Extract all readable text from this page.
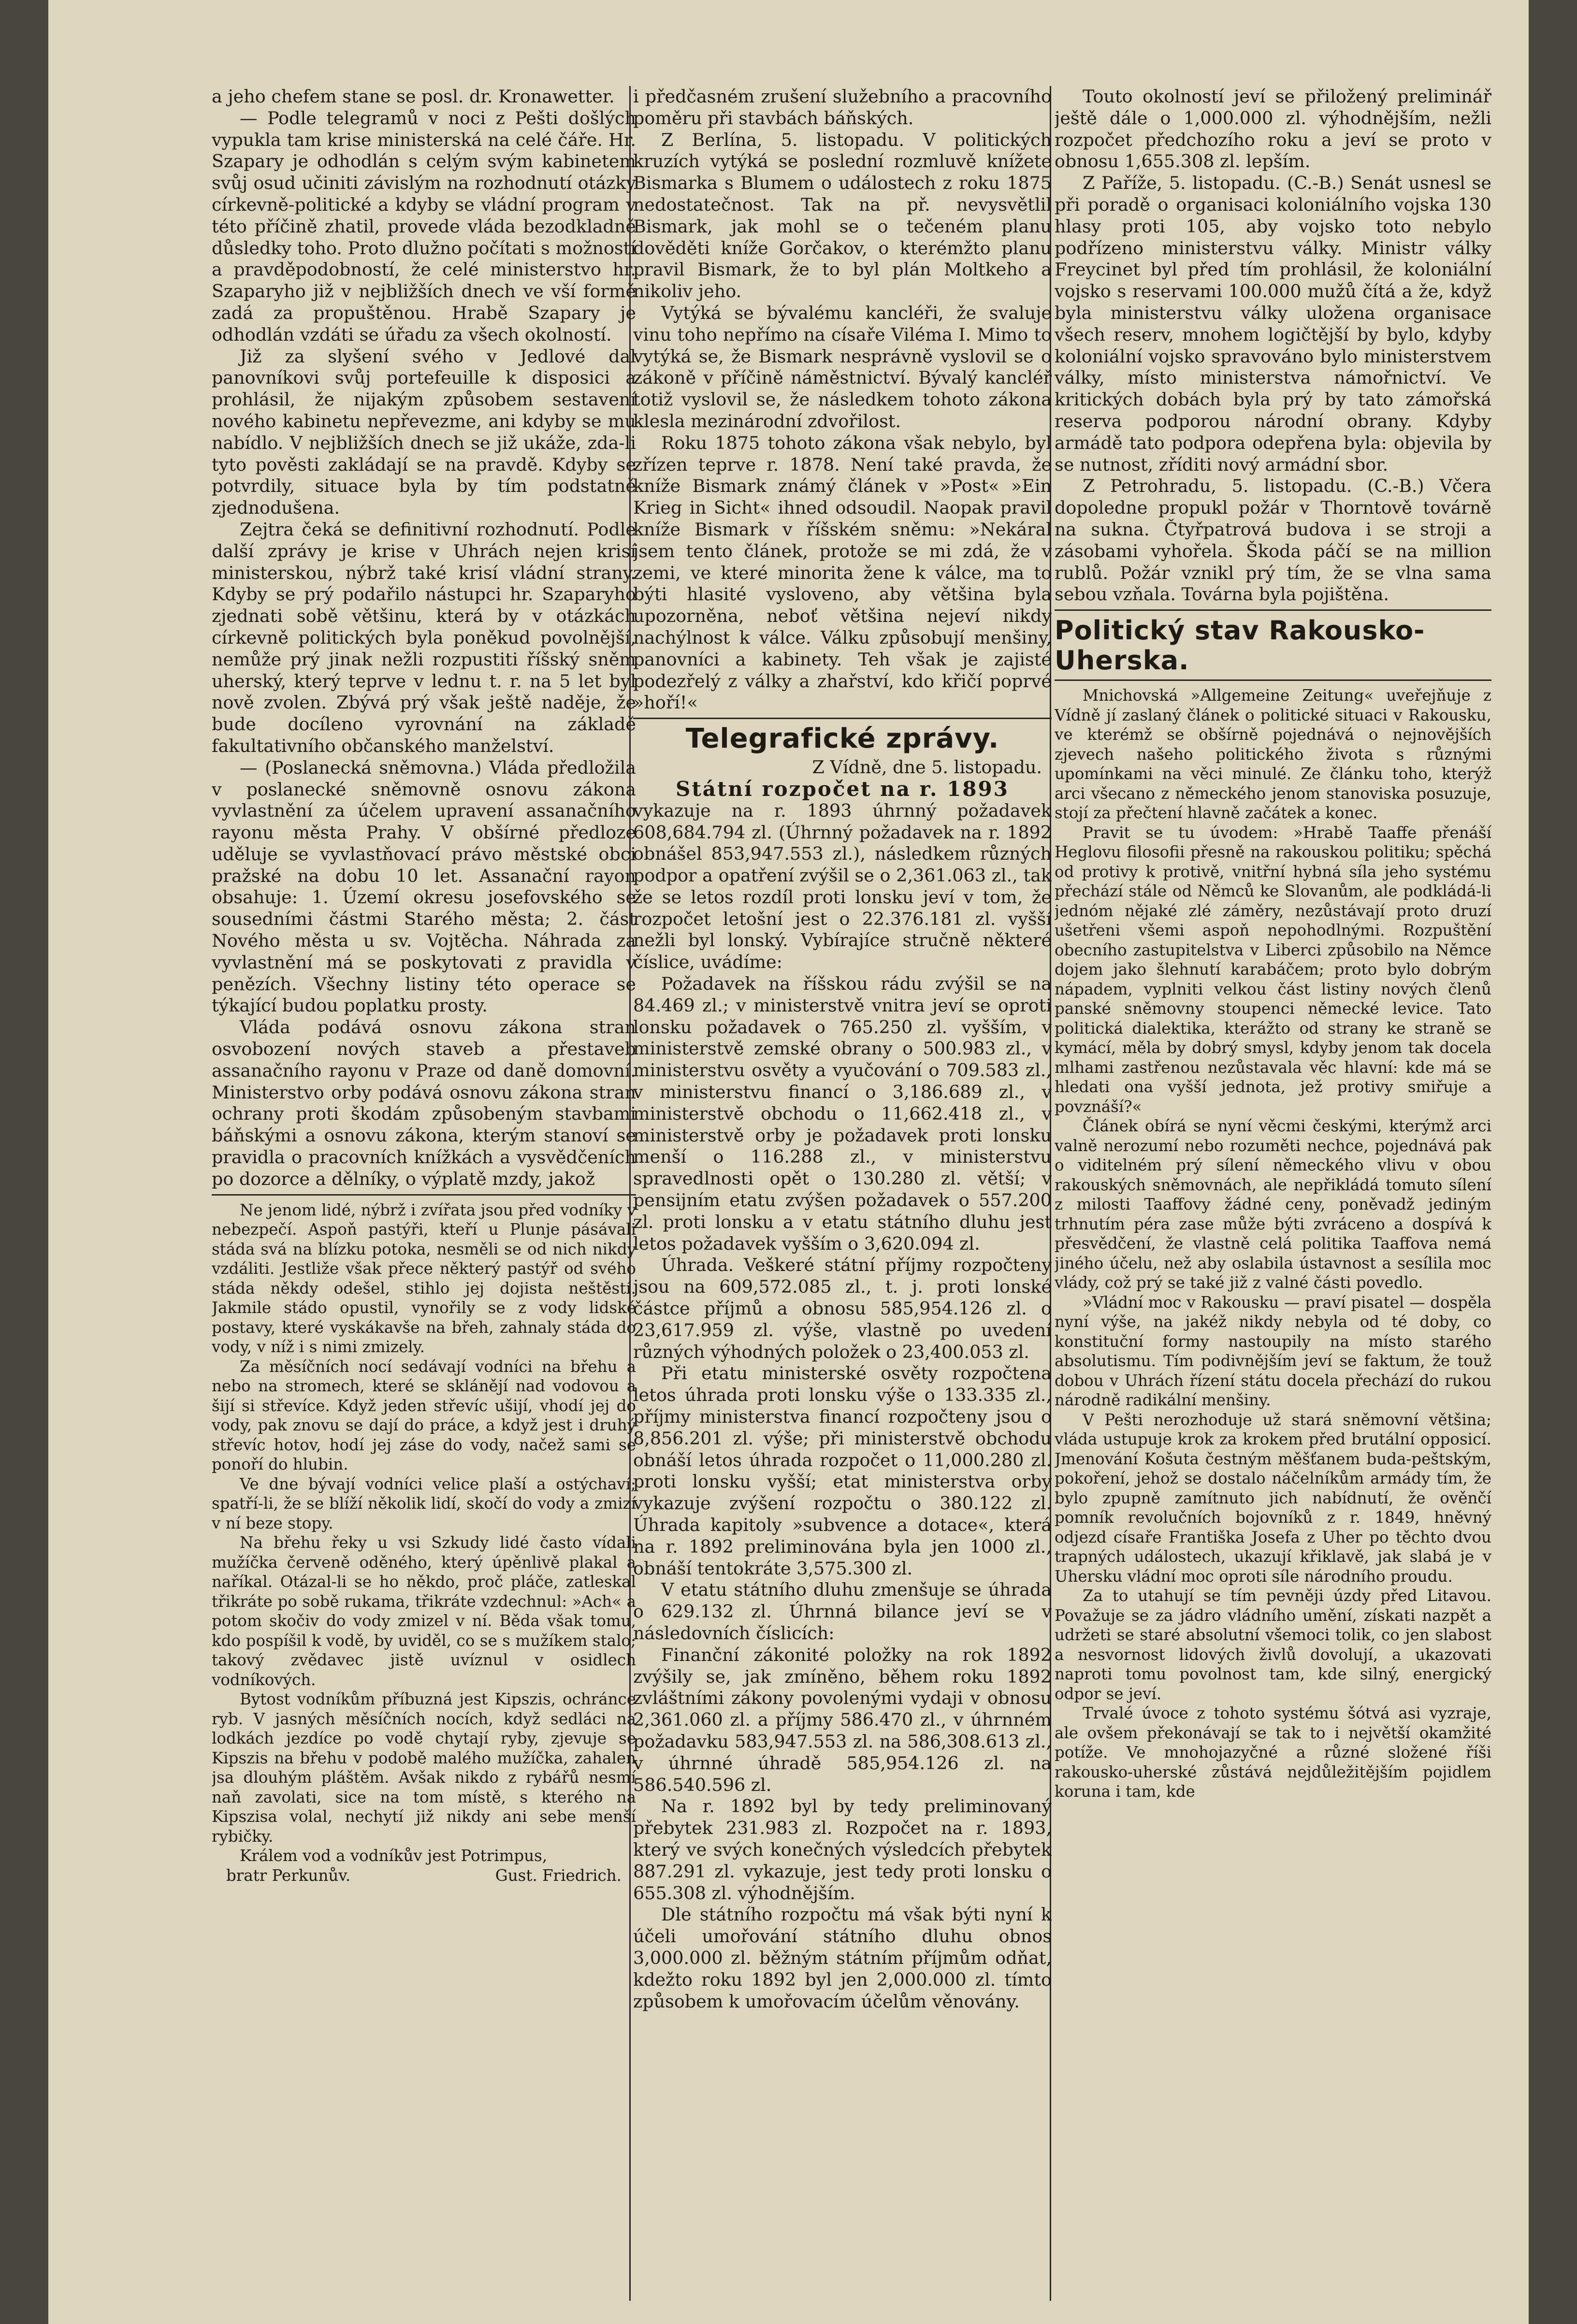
a jeho chefem stane se posl. dr. Kronawetter.

— Podle telegramů v noci z Pešti došlých vypukla tam krise ministerská na celé čáře. Hr. Szapary je odhodlán s celým svým kabinetem svůj osud učiniti závislým na rozhodnutí otázky církevně-politické a kdyby se vládní program v této příčině zhatil, provede vláda bezodkladně důsledky toho. Proto dlužno počítati s možností a pravděpodobností, že celé ministerstvo hr. Szaparyho již v nejbližších dnech ve vší formě zadá za propuštěnou. Hrabě Szapary je odhodlán vzdáti se úřadu za všech okolností.

Již za slyšení svého v Jedlové dal panovníkovi svůj portefeuille k disposici a prohlásil, že nijakým způsobem sestavení nového kabinetu nepřevezme, ani kdyby se mu nabídlo. V nejbližších dnech se již ukáže, zda-li tyto pověsti zakládají se na pravdě. Kdyby se potvrdily, situace byla by tím podstatně zjednodušena.

Zejtra čeká se definitivní rozhodnutí. Podle další zprávy je krise v Uhrách nejen krisí ministerskou, nýbrž také krisí vládní strany. Kdyby se prý podařilo nástupci hr. Szaparyho zjednati sobě většinu, která by v otázkách církevně politických byla poněkud povolnější, nemůže prý jinak nežli rozpustiti říšský sněm uherský, který teprve v lednu t. r. na 5 let byl nově zvolen. Zbývá prý však ještě naděje, že bude docíleno vyrovnání na základě fakultativního občanského manželství.

— (Poslanecká sněmovna.) Vláda předložila v poslanecké sněmovně osnovu zákona vyvlastnění za účelem upravení assanačního rayonu města Prahy. V obšírné předloze uděluje se vyvlastňovací právo městské obci pražské na dobu 10 let. Assanační rayon obsahuje: 1. Území okresu josefovského se sousedními částmi Starého města; 2. část Nového města u sv. Vojtěcha. Náhrada za vyvlastnění má se poskytovati z pravidla v penězích. Všechny listiny této operace se týkající budou poplatku prosty.

Vláda podává osnovu zákona stran osvobození nových staveb a přestaveb assanačního rayonu v Praze od daně domovní. Ministerstvo orby podává osnovu zákona stran ochrany proti škodám způsobeným stavbami báňskými a osnovu zákona, kterým stanoví se pravidla o pracovních knížkách a vysvědčeních po dozorce a dělníky, o výplatě mzdy, jakož

Ne jenom lidé, nýbrž i zvířata jsou před vodníky v nebezpečí. Aspoň pastýři, kteří u Plunje pásávali stáda svá na blízku potoka, nesměli se od nich nikdy vzdáliti. Jestliže však přece některý pastýř od svého stáda někdy odešel, stihlo jej dojista neštěstí. Jakmile stádo opustil, vynořily se z vody lidské postavy, které vyskákavše na břeh, zahnaly stáda do vody, v níž i s nimi zmizely.

Za měsíčních nocí sedávají vodníci na břehu a nebo na stromech, které se sklánějí nad vodovou a šijí si střevíce. Když jeden střevíc ušijí, vhodí jej do vody, pak znovu se dají do práce, a když jest i druhý střevíc hotov, hodí jej záse do vody, načež sami se ponoří do hlubin.

Ve dne bývají vodníci velice plaší a ostýchaví; spatří-li, že se blíží několik lidí, skočí do vody a zmizí v ní beze stopy.

Na břehu řeky u vsi Szkudy lidé často vídali mužíčka červeně oděného, který úpěnlivě plakal a naříkal. Otázal-li se ho někdo, proč pláče, zatleskal třikráte po sobě rukama, třikráte vzdechnul: »Ach« a potom skočiv do vody zmizel v ní. Běda však tomu, kdo pospíšil k vodě, by uviděl, co se s mužíkem stalo; takový zvědavec jistě uvíznul v osidlech vodníkových.

Bytost vodníkům příbuzná jest Kipszis, ochránce ryb. V jasných měsíčních nocích, když sedláci na lodkách jezdíce po vodě chytají ryby, zjevuje se Kipszis na břehu v podobě malého mužíčka, zahalen jsa dlouhým pláštěm. Avšak nikdo z rybářů nesmí naň zavolati, sice na tom místě, s kterého na Kipszisa volal, nechytí již nikdy ani sebe menší rybičky.

Králem vod a vodníkův jest Potrimpus,

bratr Perkunův.	Gust. Friedrich.

i předčasném zrušení služebního a pracovního poměru při stavbách báňských.

Z Berlína, 5. listopadu. V politických kruzích vytýká se poslední rozmluvě knížete Bismarka s Blumem o událostech z roku 1875 nedostatečnost. Tak na př. nevysvětlil Bismark, jak mohl se o tečeném planu dověděti kníže Gorčakov, o kterémžto planu pravil Bismark, že to byl plán Moltkeho a nikoliv jeho.

Vytýká se bývalému kancléři, že svaluje vinu toho nepřímo na císaře Viléma I. Mimo to vytýká se, že Bismark nesprávně vyslovil se o zákoně v příčině náměstnictví. Bývalý kancléř totiž vyslovil se, že následkem tohoto zákona klesla mezinárodní zdvořilost.

Roku 1875 tohoto zákona však nebylo, byl zřízen teprve r. 1878. Není také pravda, že kníže Bismark známý článek v »Post« »Ein Krieg in Sicht« ihned odsoudil. Naopak pravil kníže Bismark v říšském sněmu: »Nekáral jsem tento článek, protože se mi zdá, že v zemi, ve které minorita žene k válce, ma to býti hlasité vysloveno, aby většina byla upozorněna, neboť většina nejeví nikdy nachýlnost k válce. Válku způsobují menšiny, panovníci a kabinety. Teh však je zajisté podezřelý z války a zhařství, kdo křičí poprvé »hoří!«

Telegrafické zprávy.
Z Vídně, dne 5. listopadu.
Státní rozpočet na r. 1893

vykazuje na r. 1893 úhrnný požadavek 608,684.794 zl. (Úhrnný požadavek na r. 1892 obnášel 853,947.553 zl.), následkem různých podpor a opatření zvýšil se o 2,361.063 zl., tak že se letos rozdíl proti lonsku jeví v tom, že rozpočet letošní jest o 22.376.181 zl. vyšší nežli byl lonský. Vybírajíce stručně některé číslice, uvádíme:

Požadavek na říšskou rádu zvýšil se na 84.469 zl.; v ministerstvě vnitra jeví se oproti lonsku požadavek o 765.250 zl. vyšším, v ministerstvě zemské obrany o 500.983 zl., v ministerstvu osvěty a vyučování o 709.583 zl., v ministerstvu financí o 3,186.689 zl., v ministerstvě obchodu o 11,662.418 zl., v ministerstvě orby je požadavek proti lonsku menší o 116.288 zl., v ministerstvu spravedlnosti opět o 130.280 zl. větší; v pensijním etatu zvýšen požadavek o 557.200 zl. proti lonsku a v etatu státního dluhu jest letos požadavek vyšším o 3,620.094 zl.

Úhrada. Veškeré státní příjmy rozpočteny jsou na 609,572.085 zl., t. j. proti lonské částce příjmů a obnosu 585,954.126 zl. o 23,617.959 zl. výše, vlastně po uvedení různých výhodných položek o 23,400.053 zl.

Při etatu ministerské osvěty rozpočtena letos úhrada proti lonsku výše o 133.335 zl., příjmy ministerstva financí rozpočteny jsou o 8,856.201 zl. výše; při ministerstvě obchodu obnáší letos úhrada rozpočet o 11,000.280 zl. proti lonsku vyšší; etat ministerstva orby vykazuje zvýšení rozpočtu o 380.122 zl. Úhrada kapitoly »subvence a dotace«, která na r. 1892 preliminována byla jen 1000 zl., obnáší tentokráte 3,575.300 zl.

V etatu státního dluhu zmenšuje se úhrada o 629.132 zl. Úhrnná bilance jeví se v následovních číslicích:

Finanční zákonité položky na rok 1892 zvýšily se, jak zmíněno, během roku 1892 zvláštními zákony povolenými vydaji v obnosu 2,361.060 zl. a příjmy 586.470 zl., v úhrnném požadavku 583,947.553 zl. na 586,308.613 zl., v úhrnné úhradě 585,954.126 zl. na 586.540.596 zl.

Na r. 1892 byl by tedy preliminovaný přebytek 231.983 zl. Rozpočet na r. 1893, který ve svých konečných výsledcích přebytek 887.291 zl. vykazuje, jest tedy proti lonsku o 655.308 zl. výhodnějším.

Dle státního rozpočtu má však býti nyní k účeli umořování státního dluhu obnos 3,000.000 zl. běžným státním příjmům odňat, kdežto roku 1892 byl jen 2,000.000 zl. tímto způsobem k umořovacím účelům věnovány.

Touto okolností jeví se přiložený preliminář ještě dále o 1,000.000 zl. výhodnějším, nežli rozpočet předchozího roku a jeví se proto v obnosu 1,655.308 zl. lepším.

Z Paříže, 5. listopadu. (C.-B.) Senát usnesl se při poradě o organisaci koloniálního vojska 130 hlasy proti 105, aby vojsko toto nebylo podřízeno ministerstvu války. Ministr války Freycinet byl před tím prohlásil, že koloniální vojsko s reservami 100.000 mužů čítá a že, když byla ministerstvu války uložena organisace všech reserv, mnohem logičtější by bylo, kdyby koloniální vojsko spravováno bylo ministerstvem války, místo ministerstva námořnictví. Ve kritických dobách byla prý by tato zámořská reserva podporou národní obrany. Kdyby armádě tato podpora odepřena byla: objevila by se nutnost, zříditi nový armádní sbor.

Z Petrohradu, 5. listopadu. (C.-B.) Včera dopoledne propukl požár v Thorntově továrně na sukna. Čtyřpatrová budova i se stroji a zásobami vyhořela. Škoda páčí se na million rublů. Požár vznikl prý tím, že se vlna sama sebou vzňala. Továrna byla pojištěna.

Politický stav Rakousko-Uherska.

Mnichovská »Allgemeine Zeitung« uveřejňuje z Vídně jí zaslaný článek o politické situaci v Rakousku, ve kterémž se obšírně pojednává o nejnovějších zjevech našeho politického života s různými upomínkami na věci minulé. Ze článku toho, kterýž arci všecano z německého jenom stanoviska posuzuje, stojí za přečtení hlavně začátek a konec.

Pravit se tu úvodem: »Hrabě Taaffe přenáší Heglovu filosofii přesně na rakouskou politiku; spěchá od protivy k protivě, vnitřní hybná síla jeho systému přechází stále od Němců ke Slovanům, ale podkládá-li jednóm nějaké zlé záměry, nezůstávají proto druzí ušetřeni všemi aspoň nepohodlnými. Rozpuštění obecního zastupitelstva v Liberci způsobilo na Němce dojem jako šlehnutí karabáčem; proto bylo dobrým nápadem, vyplniti velkou část listiny nových členů panské sněmovny stoupenci německé levice. Tato politická dialektika, kterážto od strany ke straně se kymácí, měla by dobrý smysl, kdyby jenom tak docela mlhami zastřenou nezůstavala věc hlavní: kde má se hledati ona vyšší jednota, jež protivy smiřuje a povznáší?«

Článek obírá se nyní věcmi českými, kterýmž arci valně nerozumí nebo rozuměti nechce, pojednává pak o viditelném prý sílení německého vlivu v obou rakouských sněmovnách, ale nepřikládá tomuto sílení z milosti Taaffovy žádné ceny, poněvadž jediným trhnutím péra zase může býti zvráceno a dospívá k přesvědčení, že vlastně celá politika Taaffova nemá jiného účelu, než aby oslabila ústavnost a sesílila moc vlády, což prý se také již z valné části povedlo.

»Vládní moc v Rakousku — praví pisatel — dospěla nyní výše, na jakéž nikdy nebyla od té doby, co konstituční formy nastoupily na místo starého absolutismu. Tím podivnějším jeví se faktum, že touž dobou v Uhrách řízení státu docela přechází do rukou národně radikální menšiny.

V Pešti nerozhoduje už stará sněmovní většina; vláda ustupuje krok za krokem před brutální opposicí. Jmenování Košuta čestným měšťanem buda-peštským, pokoření, jehož se dostalo náčelníkům armády tím, že bylo zpupně zamítnuto jich nabídnutí, že ověnčí pomník revolučních bojovníků z r. 1849, hněvný odjezd císaře Františka Josefa z Uher po těchto dvou trapných událostech, ukazují křiklavě, jak slabá je v Uhersku vládní moc oproti síle národního proudu.

Za to utahují se tím pevněji úzdy před Litavou. Považuje se za jádro vládního umění, získati nazpět a udržeti se staré absolutní všemoci tolik, co jen slabost a nesvornost lidových živlů dovolují, a ukazovati naproti tomu povolnost tam, kde silný, energický odpor se jeví.

Trvalé úvoce z tohoto systému šótvá asi vyzraje, ale ovšem překonávají se tak to i největší okamžité potíže. Ve mnohojazyčné a různé složené říši rakousko-uherské zůstává nejdůležitějším pojidlem koruna i tam, kde
